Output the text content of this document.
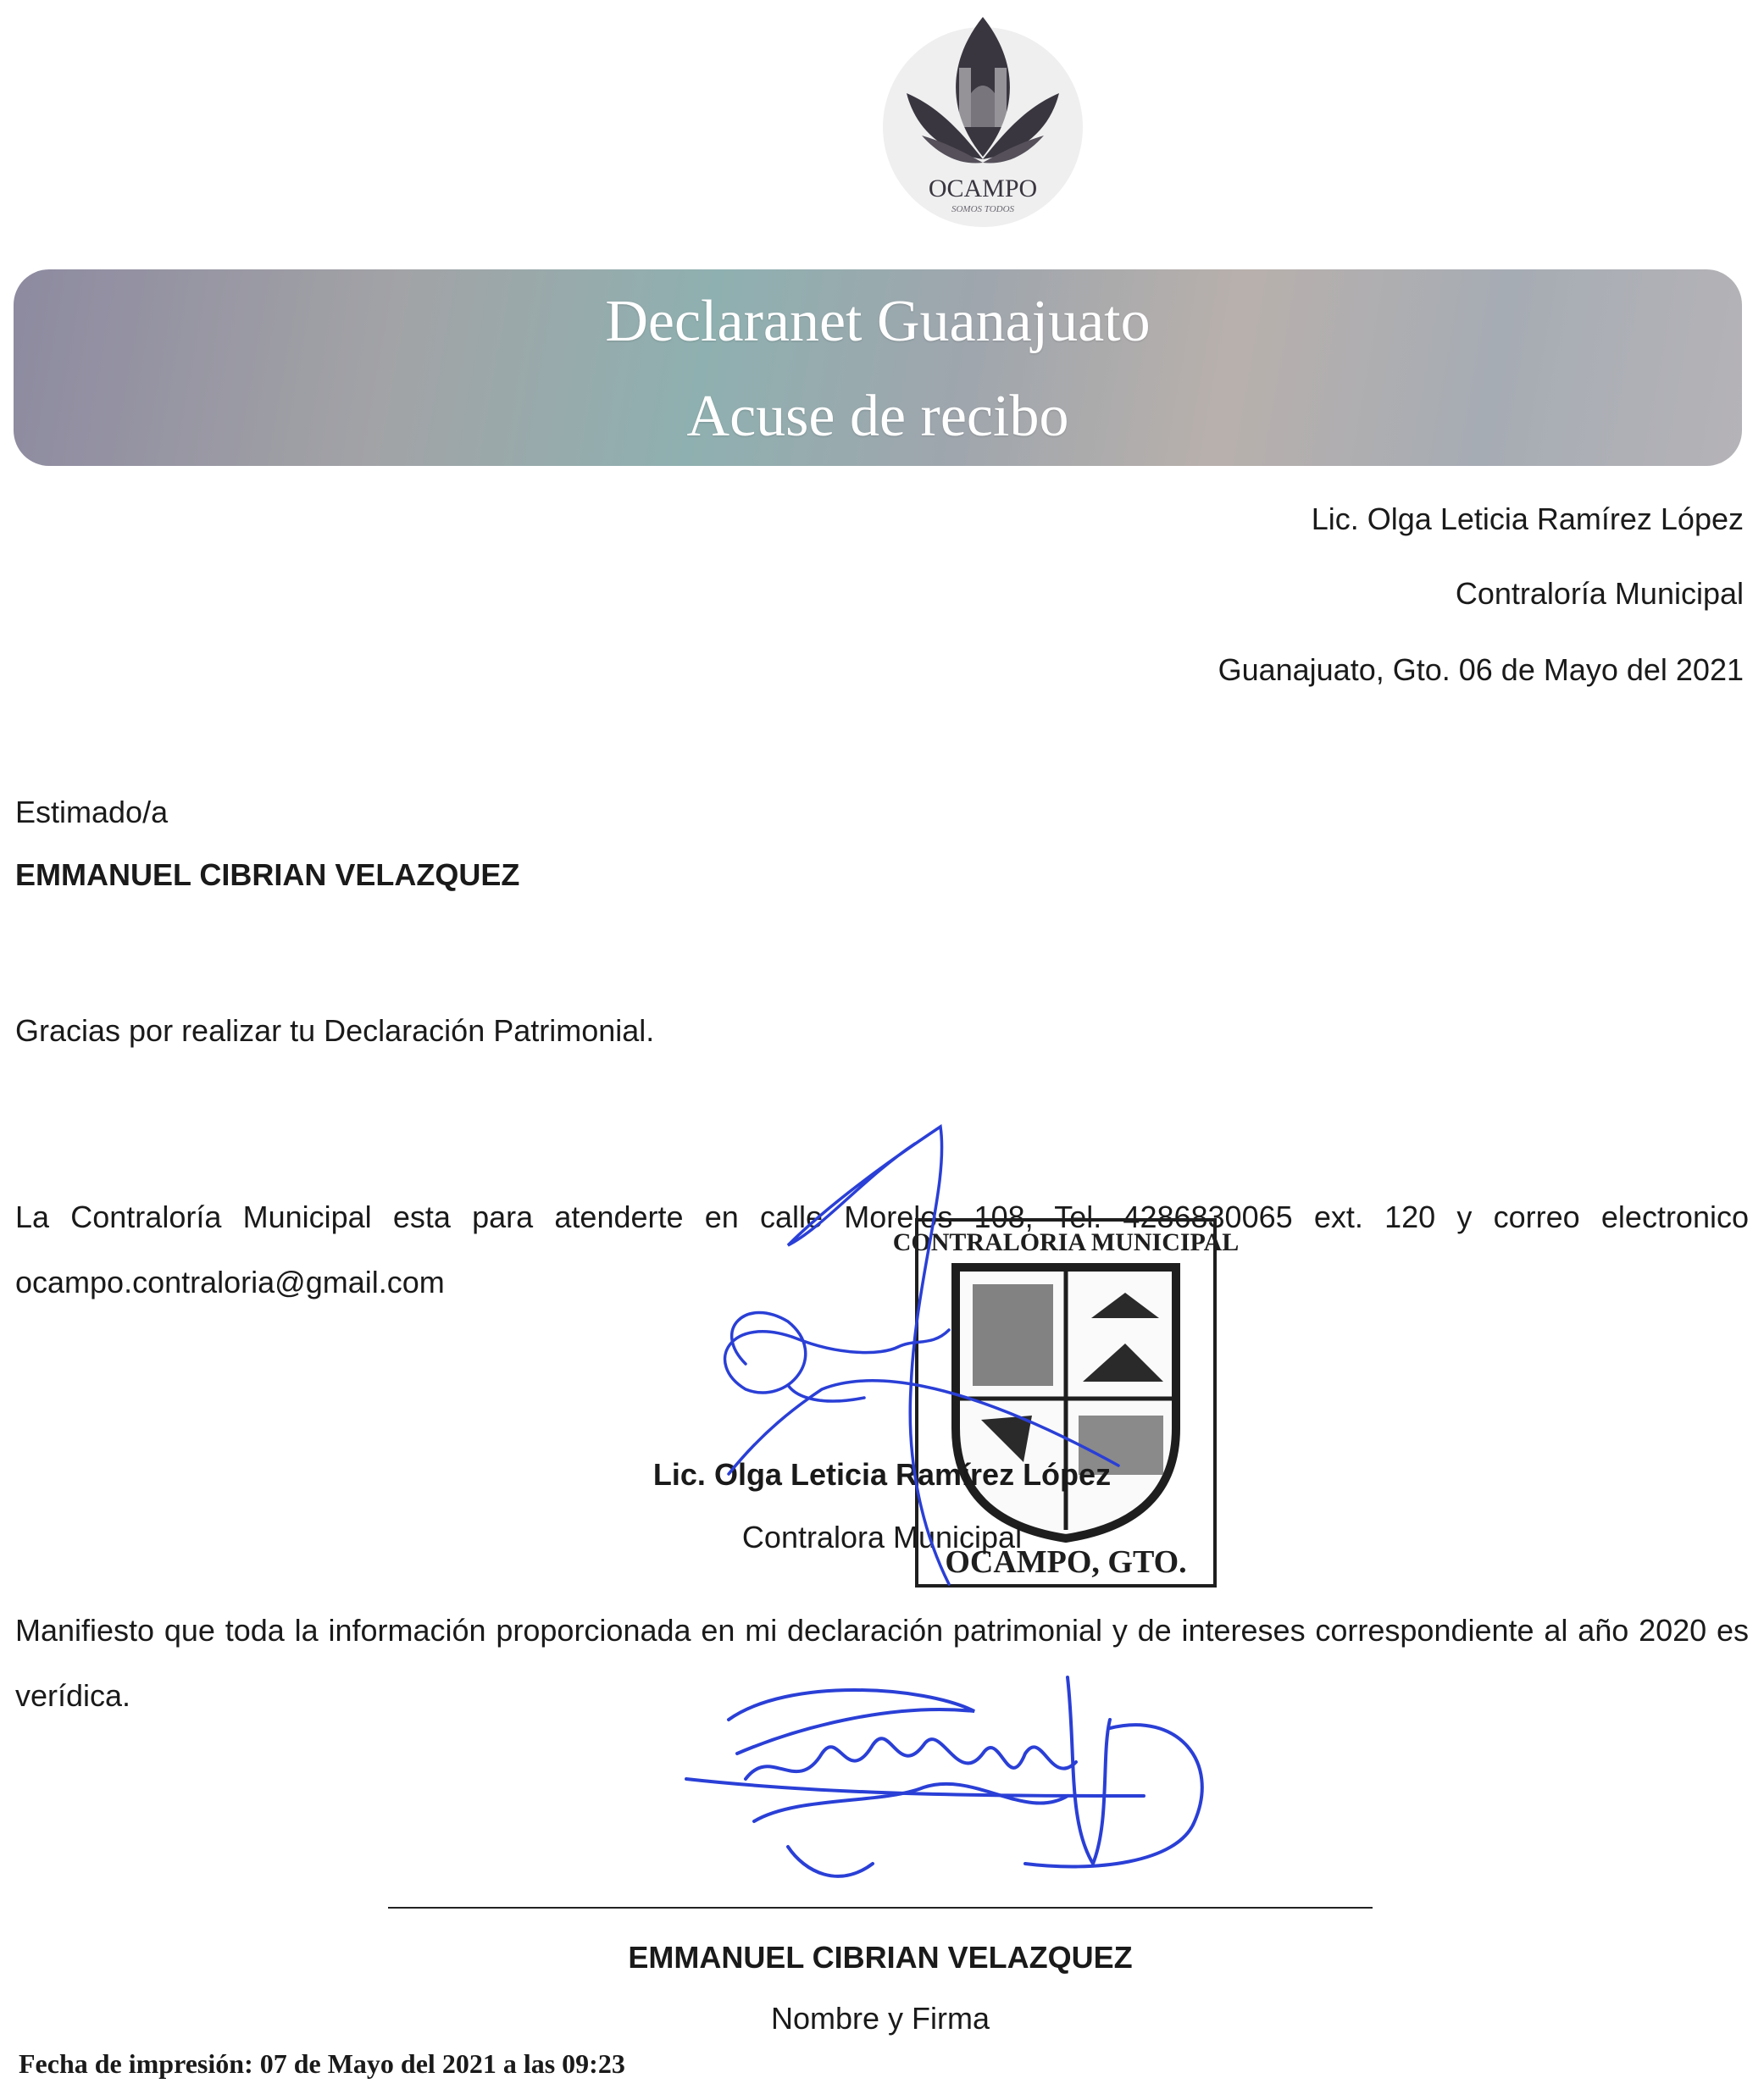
OCAMPO
SOMOS TODOS
Declaranet Guanajuato
Acuse de recibo
Lic. Olga Leticia Ramírez López
Contraloría Municipal
Guanajuato, Gto. 06 de Mayo del 2021
Estimado/a
EMMANUEL CIBRIAN VELAZQUEZ
Gracias por realizar tu Declaración Patrimonial.
La Contraloría Municipal esta para atenderte en calle Morelos 108, Tel. 4286830065 ext. 120 y correo electronico ocampo.contraloria@gmail.com
CONTRALORIA MUNICIPAL
OCAMPO, GTO.
Lic. Olga Leticia Ramírez López
Contralora Municipal
Manifiesto que toda la información proporcionada en mi declaración patrimonial y de intereses correspondiente al año 2020 es verídica.
EMMANUEL CIBRIAN VELAZQUEZ
Nombre y Firma
Fecha de impresión: 07 de Mayo del 2021 a las 09:23
